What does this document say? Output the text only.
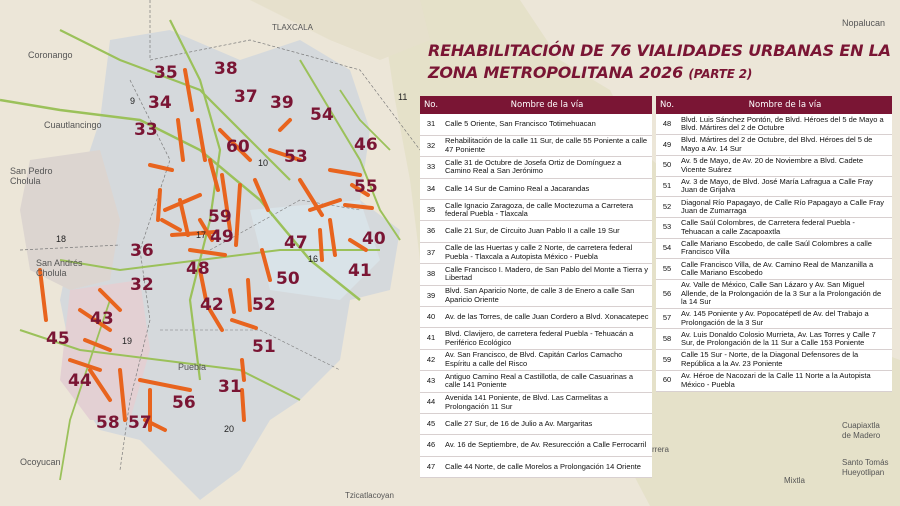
Coronango
TLAXCALA	Nopalucan
Cuautlancingo
San Pedro Cholula
San Andrés Cholula
Puebla
Ocoyucan
Cuapiaxtla de Madero
Mixtla
Santo Tomás Hueyotlipan
Tzicatlacoyan
rrera
9
10
11
16
17
18
19
20
31
32
33
34
35
36
37
38
39
40
41
42
43
44
45
46
47
48
49
50
51
52
53
54
55
56
57
58
59
60
REHABILITACIÓN DE 76 VIALIDADES URBANAS EN LA ZONA METROPOLITANA 2026 (PARTE 2)
No.	Nombre de la vía
31	Calle 5 Oriente, San Francisco Totimehuacan
32	Rehabilitación de la calle 11 Sur, de calle 55 Poniente a calle 47 Poniente
33	Calle 31 de Octubre de Josefa Ortiz de Domínguez a Camino Real a San Jerónimo
34	Calle 14 Sur de Camino Real a Jacarandas
35	Calle Ignacio Zaragoza, de calle Moctezuma a Carretera federal Puebla - Tlaxcala
36	Calle 21 Sur, de Circuito Juan Pablo II a calle 19 Sur
37	Calle de las Huertas y calle 2 Norte, de carretera federal Puebla - Tlaxcala a Autopista México - Puebla
38	Calle Francisco I. Madero, de San Pablo del Monte a Tierra y Libertad
39	Blvd. San Aparicio Norte, de calle 3 de Enero a calle San Aparicio Oriente
40	Av. de las Torres, de calle Juan Cordero a Blvd. Xonacatepec
41	Blvd. Clavijero, de carretera federal Puebla - Tehuacán a Periférico Ecológico
42	Av. San Francisco, de Blvd. Capitán Carlos Camacho Espíritu a calle del Risco
43	Antiguo Camino Real a Castillotla, de calle Casuarinas a calle 141 Poniente
44	Avenida 141 Poniente, de Blvd. Las Carmelitas a Prolongación 11 Sur
45	Calle 27 Sur, de 16 de Julio a Av. Margaritas
46	Av. 16 de Septiembre, de Av. Resurección a Calle Ferrocarril
47	Calle 44 Norte, de calle Morelos a Prolongación 14 Oriente
No.	Nombre de la vía
48	Blvd. Luis Sánchez Pontón, de Blvd. Héroes del 5 de Mayo a Blvd. Mártires del 2 de Octubre
49	Blvd. Mártires del 2 de Octubre, del Blvd. Héroes del 5 de Mayo a Av. 14 Sur
50	Av. 5 de Mayo, de Av. 20 de Noviembre a Blvd. Cadete Vicente Suárez
51	Av. 3 de Mayo, de Blvd. José María Lafragua a Calle Fray Juan de Grijalva
52	Diagonal Río Papagayo, de Calle Río Papagayo a Calle Fray Juan de Zumarraga
53	Calle Saúl Colombres, de Carretera federal Puebla - Tehuacan a calle Zacapoaxtla
54	Calle Mariano Escobedo, de calle Saúl Colombres a calle Francisco Villa
55	Calle Francisco Villa, de Av. Camino Real de Manzanilla a Calle Mariano Escobedo
56	Av. Valle de México, Calle San Lázaro y Av. San Miguel Allende, de la Prolongación de la 3 Sur a la Prolongación de la 14 Sur
57	Av. 145 Poniente y Av. Popocatépetl de Av. del Trabajo a Prolongación de la 3 Sur
58	Av. Luis Donaldo Colosio Murrieta, Av. Las Torres y Calle 7 Sur, de Prolongación de la 11 Sur a Calle 153 Poniente
59	Calle 15 Sur - Norte, de la Diagonal Defensores de la República a la Av. 23 Poniente
60	Av. Héroe de Nacozari de la Calle 11 Norte a la Autopista México - Puebla
